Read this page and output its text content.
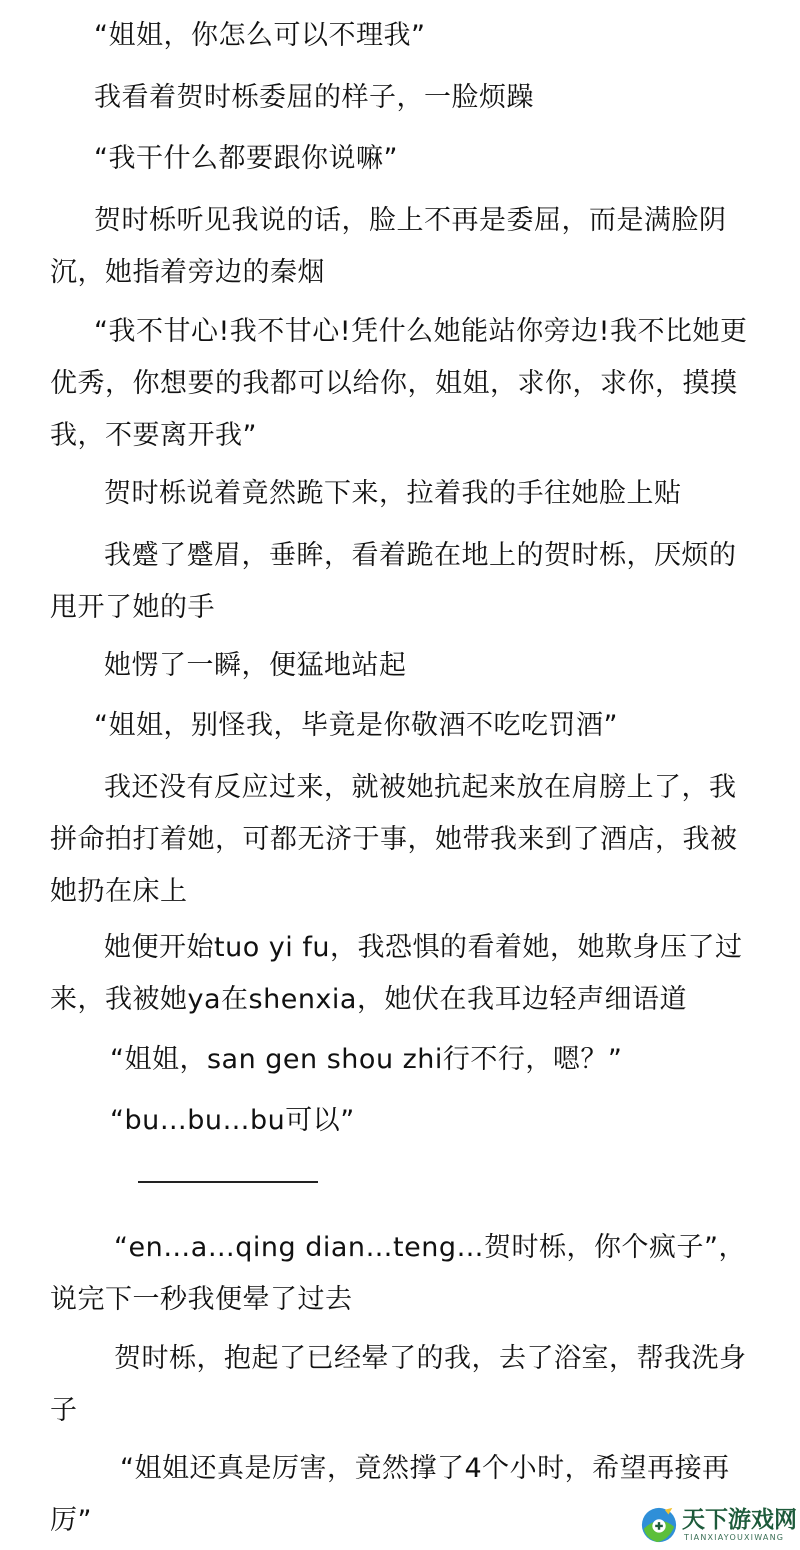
“姐姐，你怎么可以不理我”

我看着贺时栎委屈的样子，一脸烦躁

“我干什么都要跟你说嘛”

贺时栎听见我说的话，脸上不再是委屈，而是满脸阴沉，她指着旁边的秦烟

“我不甘心!我不甘心!凭什么她能站你旁边!我不比她更优秀，你想要的我都可以给你，姐姐，求你，求你，摸摸我，不要离开我”

贺时栎说着竟然跪下来，拉着我的手往她脸上贴

我蹙了蹙眉，垂眸，看着跪在地上的贺时栎，厌烦的甩开了她的手

她愣了一瞬，便猛地站起

“姐姐，别怪我，毕竟是你敬酒不吃吃罚酒”

我还没有反应过来，就被她抗起来放在肩膀上了，我拼命拍打着她，可都无济于事，她带我来到了酒店，我被她扔在床上

她便开始tuo yi fu，我恐惧的看着她，她欺身压了过来，我被她ya在shenxia，她伏在我耳边轻声细语道

“姐姐，san gen shou zhi行不行，嗯？”

“bu…bu…bu可以”

“en…a…qing dian…teng…贺时栎，你个疯子”，说完下一秒我便晕了过去

贺时栎，抱起了已经晕了的我，去了浴室，帮我洗身子

“姐姐还真是厉害，竟然撑了4个小时，希望再接再厉”	天下游戏网
TIANXIAYOUXIWANG
